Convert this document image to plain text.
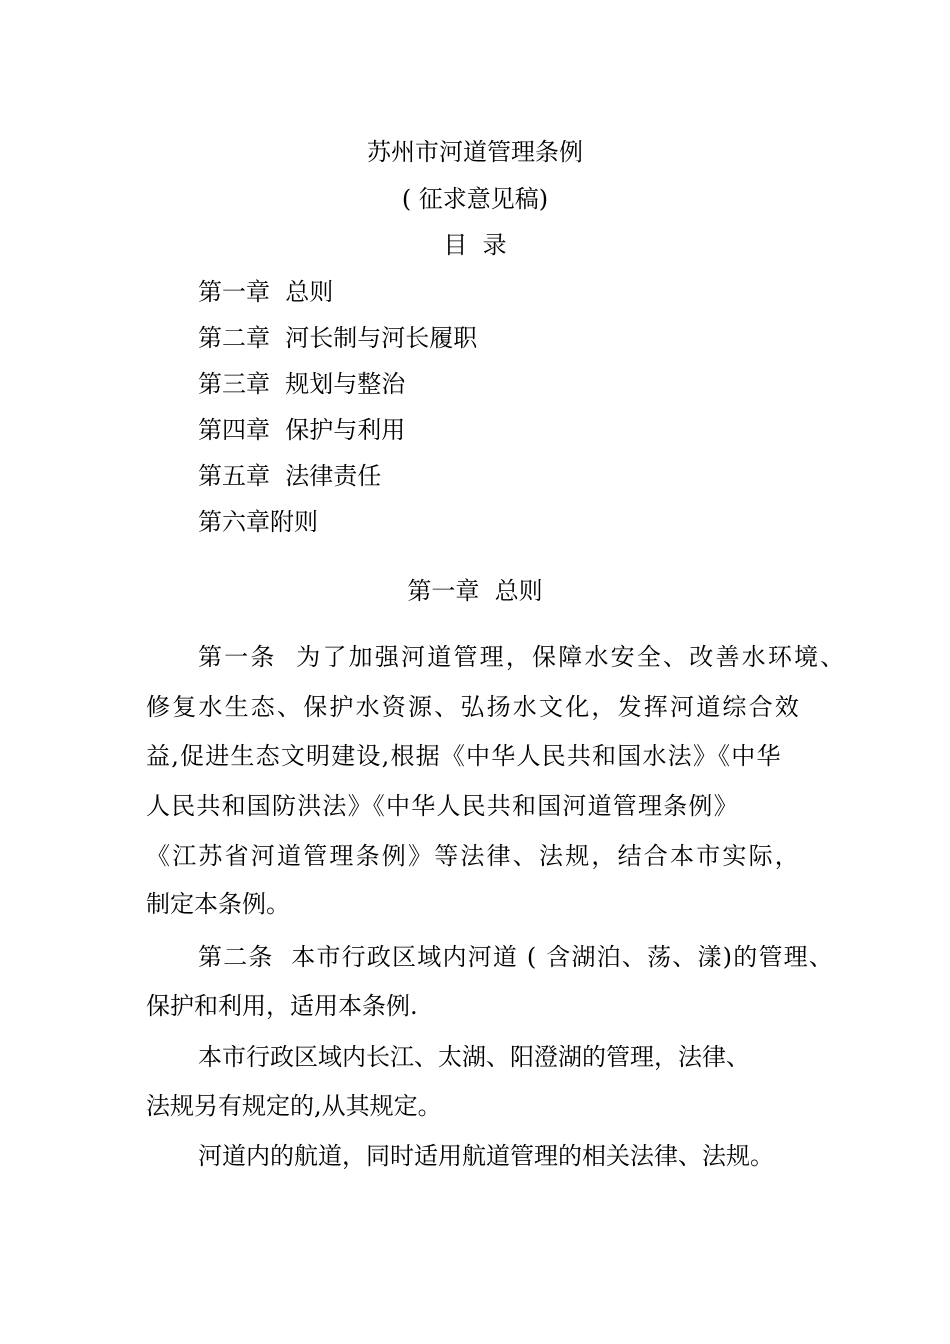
苏州市河道管理条例
( 征求意见稿)
目  录
第一章  总则
第二章  河长制与河长履职
第三章  规划与整治
第四章  保护与利用
第五章  法律责任
第六章附则
第一章  总则
第一条  为了加强河道管理，保障水安全、改善水环境、
修复水生态、保护水资源、弘扬水文化，发挥河道综合效
益,促进生态文明建设,根据《中华人民共和国水法》《中华
人民共和国防洪法》《中华人民共和国河道管理条例》
《江苏省河道管理条例》等法律、法规，结合本市实际，
制定本条例。
第二条  本市行政区域内河道 ( 含湖泊、荡、漾)的管理、
保护和利用，适用本条例.
本市行政区域内长江、太湖、阳澄湖的管理，法律、
法规另有规定的,从其规定。
河道内的航道，同时适用航道管理的相关法律、法规。
